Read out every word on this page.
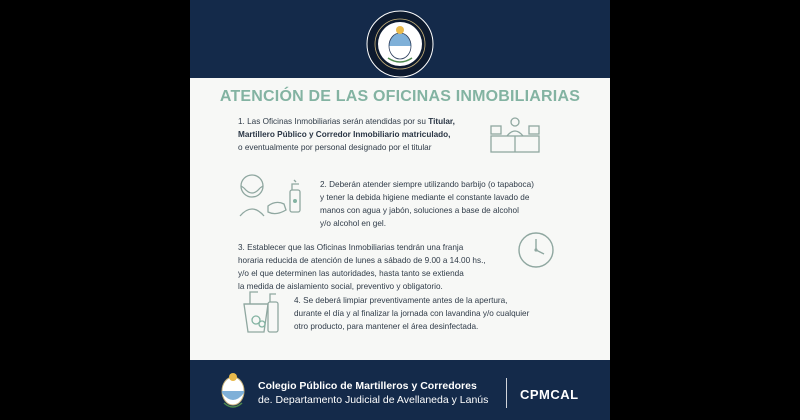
ATENCIÓN DE LAS OFICINAS INMOBILIARIAS

1. Las Oficinas Inmobiliarias serán atendidas por su Titular,

Martillero Público y Corredor Inmobiliario matriculado,

o eventualmente por personal designado por el titular

2. Deberán atender siempre utilizando barbijo (o tapaboca)

y tener la debida higiene mediante el constante lavado de

manos con agua y jabón, soluciones a base de alcohol

y/o alcohol en gel.

3. Establecer que las Oficinas Inmobiliarias tendrán una franja

horaria reducida de atención de lunes a sábado de 9.00 a 14.00 hs.,

y/o el que determinen las autoridades, hasta tanto se extienda

la medida de aislamiento social, preventivo y obligatorio.

4. Se deberá limpiar preventivamente antes de la apertura,

durante el día y al finalizar la jornada con lavandina y/o cualquier

otro producto, para mantener el área desinfectada.

Colegio Público de Martilleros y Corredores
de. Departamento Judicial de Avellaneda y Lanús CPMCAL
